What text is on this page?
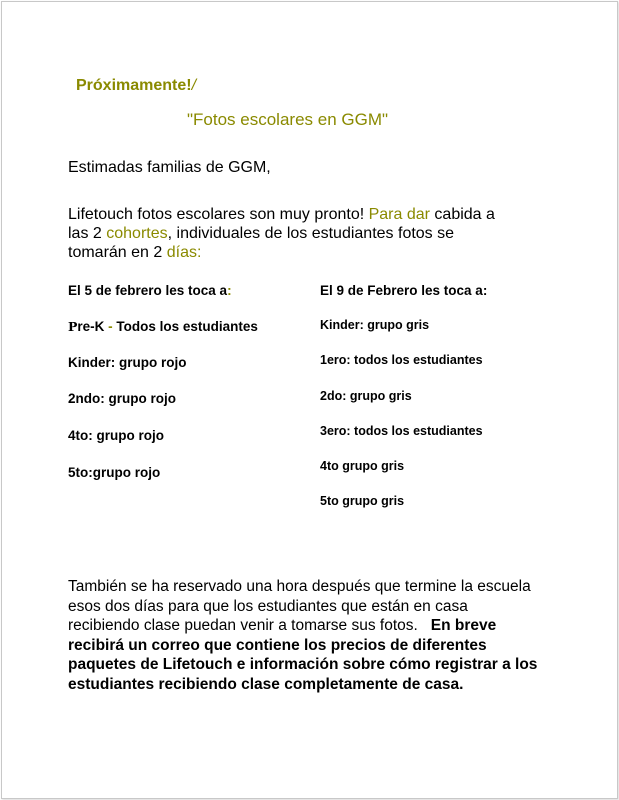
Próximamente!/
"Fotos escolares en GGM"
Estimadas familias de GGM,
Lifetouch fotos escolares son muy pronto! Para dar cabida a
las 2 cohortes, individuales de los estudiantes fotos se
tomarán en 2 días:
El 5 de febrero les toca a:
Pre-K - Todos los estudiantes
Kinder: grupo rojo
2ndo: grupo rojo
4to: grupo rojo
5to:grupo rojo
El 9 de Febrero les toca a:
Kinder: grupo gris
1ero: todos los estudiantes
2do: grupo gris
3ero: todos los estudiantes
4to grupo gris
5to grupo gris
También se ha reservado una hora después que termine la escuela
esos dos días para que los estudiantes que están en casa
recibiendo clase puedan venir a tomarse sus fotos.   En breve
recibirá un correo que contiene los precios de diferentes
paquetes de Lifetouch e información sobre cómo registrar a los
estudiantes recibiendo clase completamente de casa.
